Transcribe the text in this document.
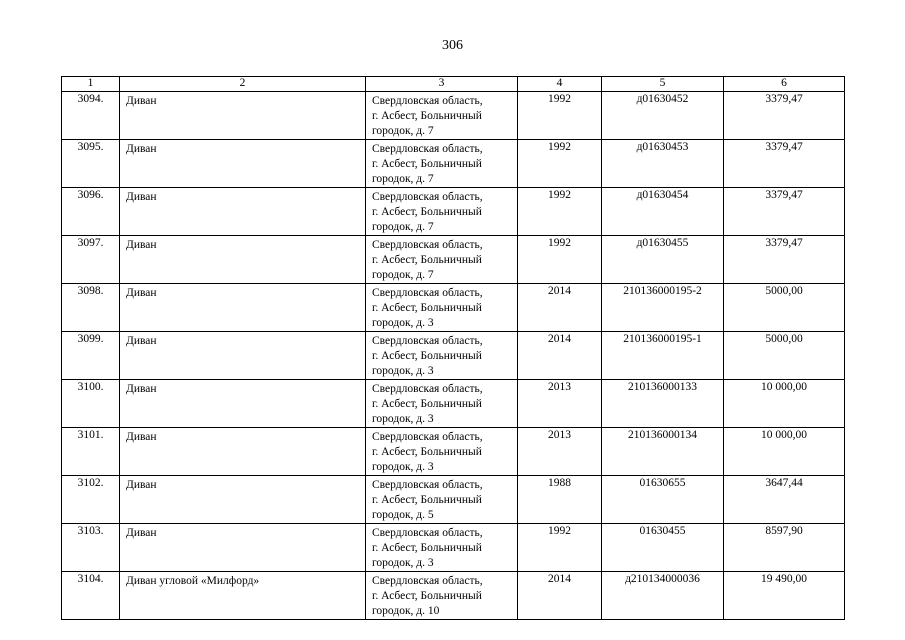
306
1	2	3	4	5	6
3094.	Диван	Свердловская область,
г. Асбест, Больничный
городок, д. 7	1992	д01630452	3379,47
3095.	Диван	Свердловская область,
г. Асбест, Больничный
городок, д. 7	1992	д01630453	3379,47
3096.	Диван	Свердловская область,
г. Асбест, Больничный
городок, д. 7	1992	д01630454	3379,47
3097.	Диван	Свердловская область,
г. Асбест, Больничный
городок, д. 7	1992	д01630455	3379,47
3098.	Диван	Свердловская область,
г. Асбест, Больничный
городок, д. 3	2014	210136000195-2	5000,00
3099.	Диван	Свердловская область,
г. Асбест, Больничный
городок, д. 3	2014	210136000195-1	5000,00
3100.	Диван	Свердловская область,
г. Асбест, Больничный
городок, д. 3	2013	210136000133	10 000,00
3101.	Диван	Свердловская область,
г. Асбест, Больничный
городок, д. 3	2013	210136000134	10 000,00
3102.	Диван	Свердловская область,
г. Асбест, Больничный
городок, д. 5	1988	01630655	3647,44
3103.	Диван	Свердловская область,
г. Асбест, Больничный
городок, д. 3	1992	01630455	8597,90
3104.	Диван угловой «Милфорд»	Свердловская область,
г. Асбест, Больничный
городок, д. 10	2014	д210134000036	19 490,00
